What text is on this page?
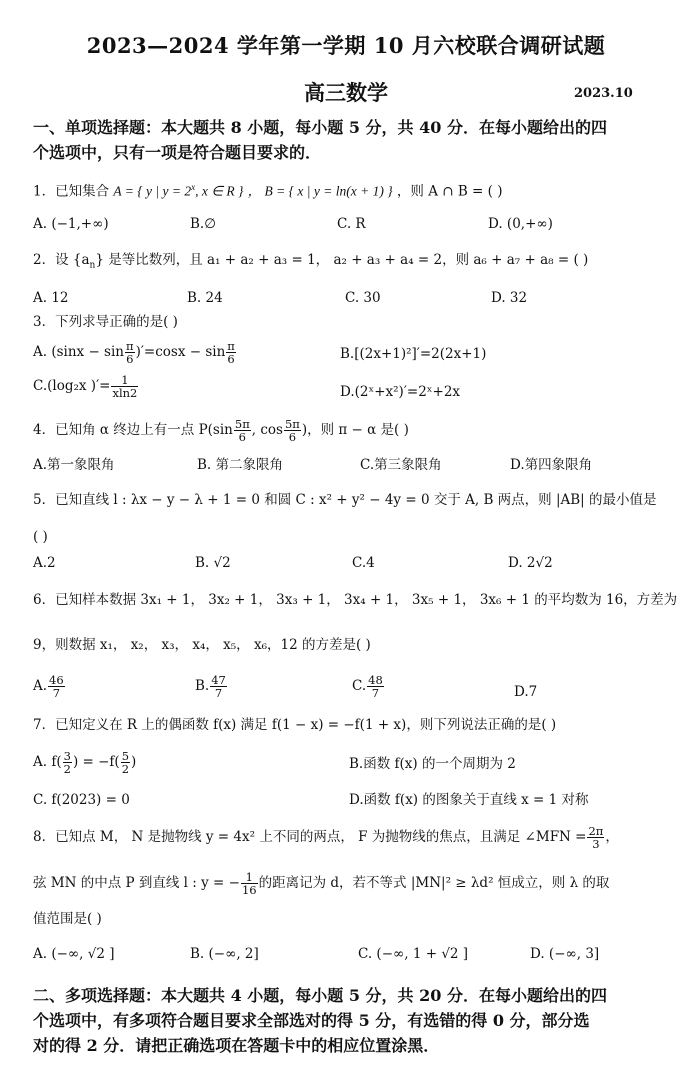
2023—2024 学年第一学期 10 月六校联合调研试题
高三数学	2023.10
一、单项选择题：本大题共 8 小题，每小题 5 分，共 40 分．在每小题给出的四
个选项中，只有一项是符合题目要求的．
1．已知集合 A = { y | $y = 2^x$, x ∈ R } ， B = { x | y = ln(x + 1) } ，则 A ∩ B = ( )
A. (−1,+∞)	B.∅	C. R	D. (0,+∞)
2．设 $\{a_n\}$ 是等比数列，且 a₁ + a₂ + a₃ = 1， a₂ + a₃ + a₄ = 2，则 a₆ + a₇ + a₈ = ( )
A. 12	B. 24	C. 30	D. 32
3．下列求导正确的是( )
A. $(\sin x - \sin \frac{\pi}{6} )'=\cos x - \sin \frac{\pi}{6}$	B.[(2x+1)²]′=2(2x+1)
C.(log₂x )′= $\frac{1}{xln2}$	D.(2ˣ+x²)′=2ˣ+2x
4．已知角 α 终边上有一点 $P(\sin \frac{5\pi}{6}$ , $\cos \frac{5\pi}{6}$ )，则 π − α 是( )
A.第一象限角	B. 第二象限角	C.第三象限角	D.第四象限角
5．已知直线 l : λx − y − λ + 1 = 0 和圆 C : x² + y² − 4y = 0 交于 A, B 两点，则 |AB| 的最小值是
( )
A.2	B. √2	C.4	D. 2√2
6．已知样本数据 3x₁ + 1， 3x₂ + 1， 3x₃ + 1， 3x₄ + 1， 3x₅ + 1， 3x₆ + 1 的平均数为 16，方差为
9，则数据 x₁， x₂， x₃， x₄， x₅， x₆，12 的方差是( )
A. $\frac{46}{7}$	B. $\frac{47}{7}$	C. $\frac{48}{7}$	D.7
7．已知定义在 R 上的偶函数 f(x) 满足 f(1 − x) = −f(1 + x)，则下列说法正确的是( )
A. $f( \frac{3}{2}$ ) = $-f( \frac{5}{2}$ )	B.函数 f(x) 的一个周期为 2
C. f(2023) = 0	D.函数 f(x) 的图象关于直线 x = 1 对称
8．已知点 M， N 是抛物线 y = 4x² 上不同的两点， F 为抛物线的焦点，且满足 ∠MFN = $\frac{2\pi}{3}$ ，
弦 MN 的中点 P 到直线 l : y = − $\frac{1}{16}$ 的距离记为 d，若不等式 |MN|² ≥ λd² 恒成立，则 λ 的取
值范围是( )
A. (−∞, √2 ]	B. (−∞, 2]	C. (−∞, 1 + √2 ]	D. (−∞, 3]
二、多项选择题：本大题共 4 小题，每小题 5 分，共 20 分．在每小题给出的四
个选项中，有多项符合题目要求全部选对的得 5 分，有选错的得 0 分，部分选
对的得 2 分．请把正确选项在答题卡中的相应位置涂黑．
